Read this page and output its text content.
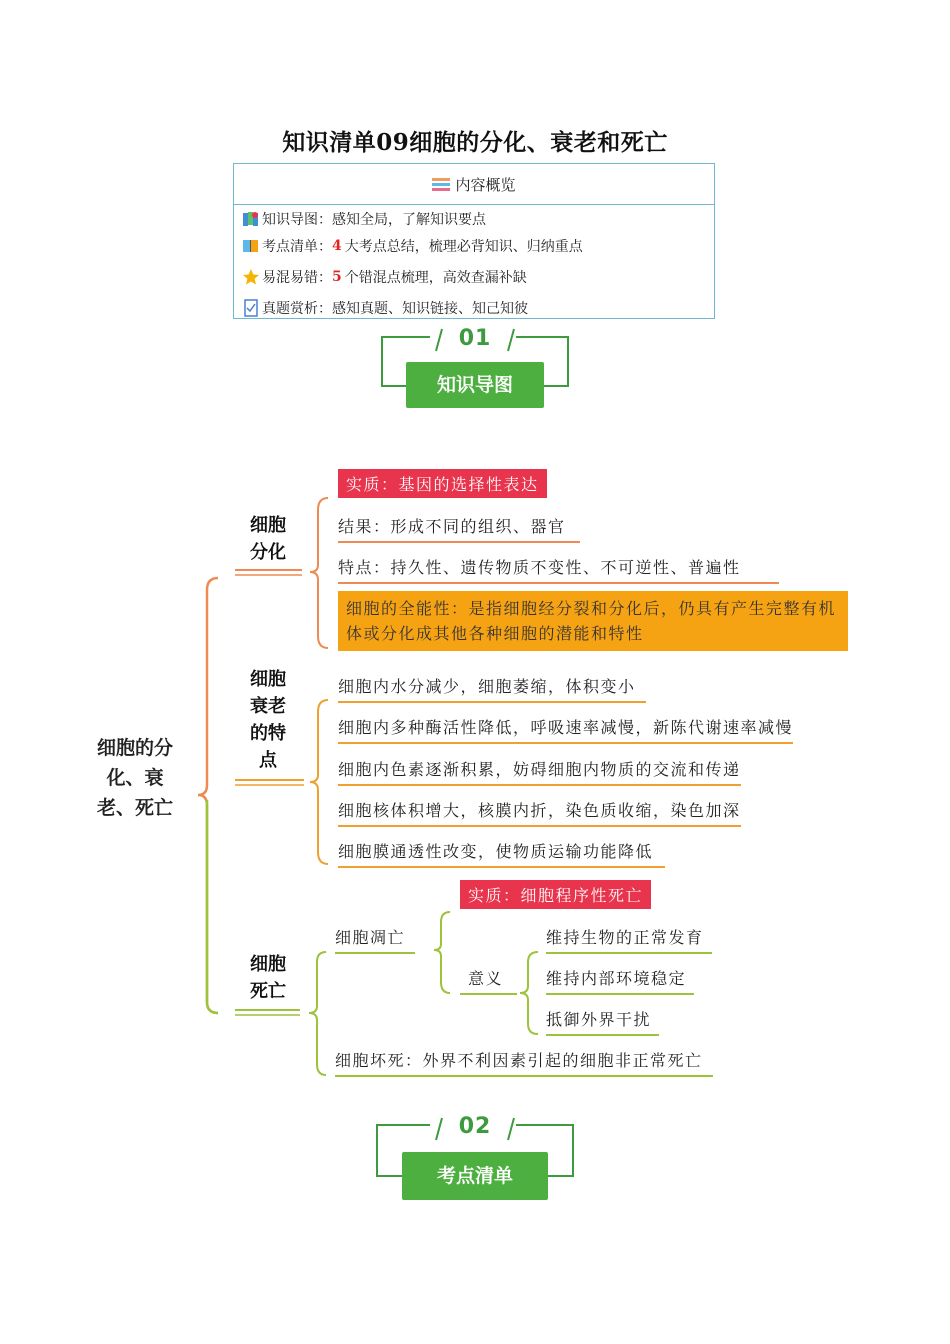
知识清单09细胞的分化、衰老和死亡
内容概览
知识导图： 感知全局，了解知识要点
考点清单： 4 大考点总结，梳理必背知识、归纳重点
易混易错： 5 个错混点梳理，高效查漏补缺
真题赏析： 感知真题、知识链接、知己知彼
01
知识导图
细胞的分化、衰老、死亡
细胞分化
细胞衰老的特点
细胞死亡
实质：基因的选择性表达
结果：形成不同的组织、器官
特点：持久性、遗传物质不变性、不可逆性、普遍性
细胞的全能性：是指细胞经分裂和分化后，仍具有产生完整有机体或分化成其他各种细胞的潜能和特性
细胞内水分减少，细胞萎缩，体积变小
细胞内多种酶活性降低，呼吸速率减慢，新陈代谢速率减慢
细胞内色素逐渐积累，妨碍细胞内物质的交流和传递
细胞核体积增大，核膜内折，染色质收缩，染色加深
细胞膜通透性改变，使物质运输功能降低
实质：细胞程序性死亡
细胞凋亡
意义
维持生物的正常发育
维持内部环境稳定
抵御外界干扰
细胞坏死：外界不利因素引起的细胞非正常死亡
02
考点清单
